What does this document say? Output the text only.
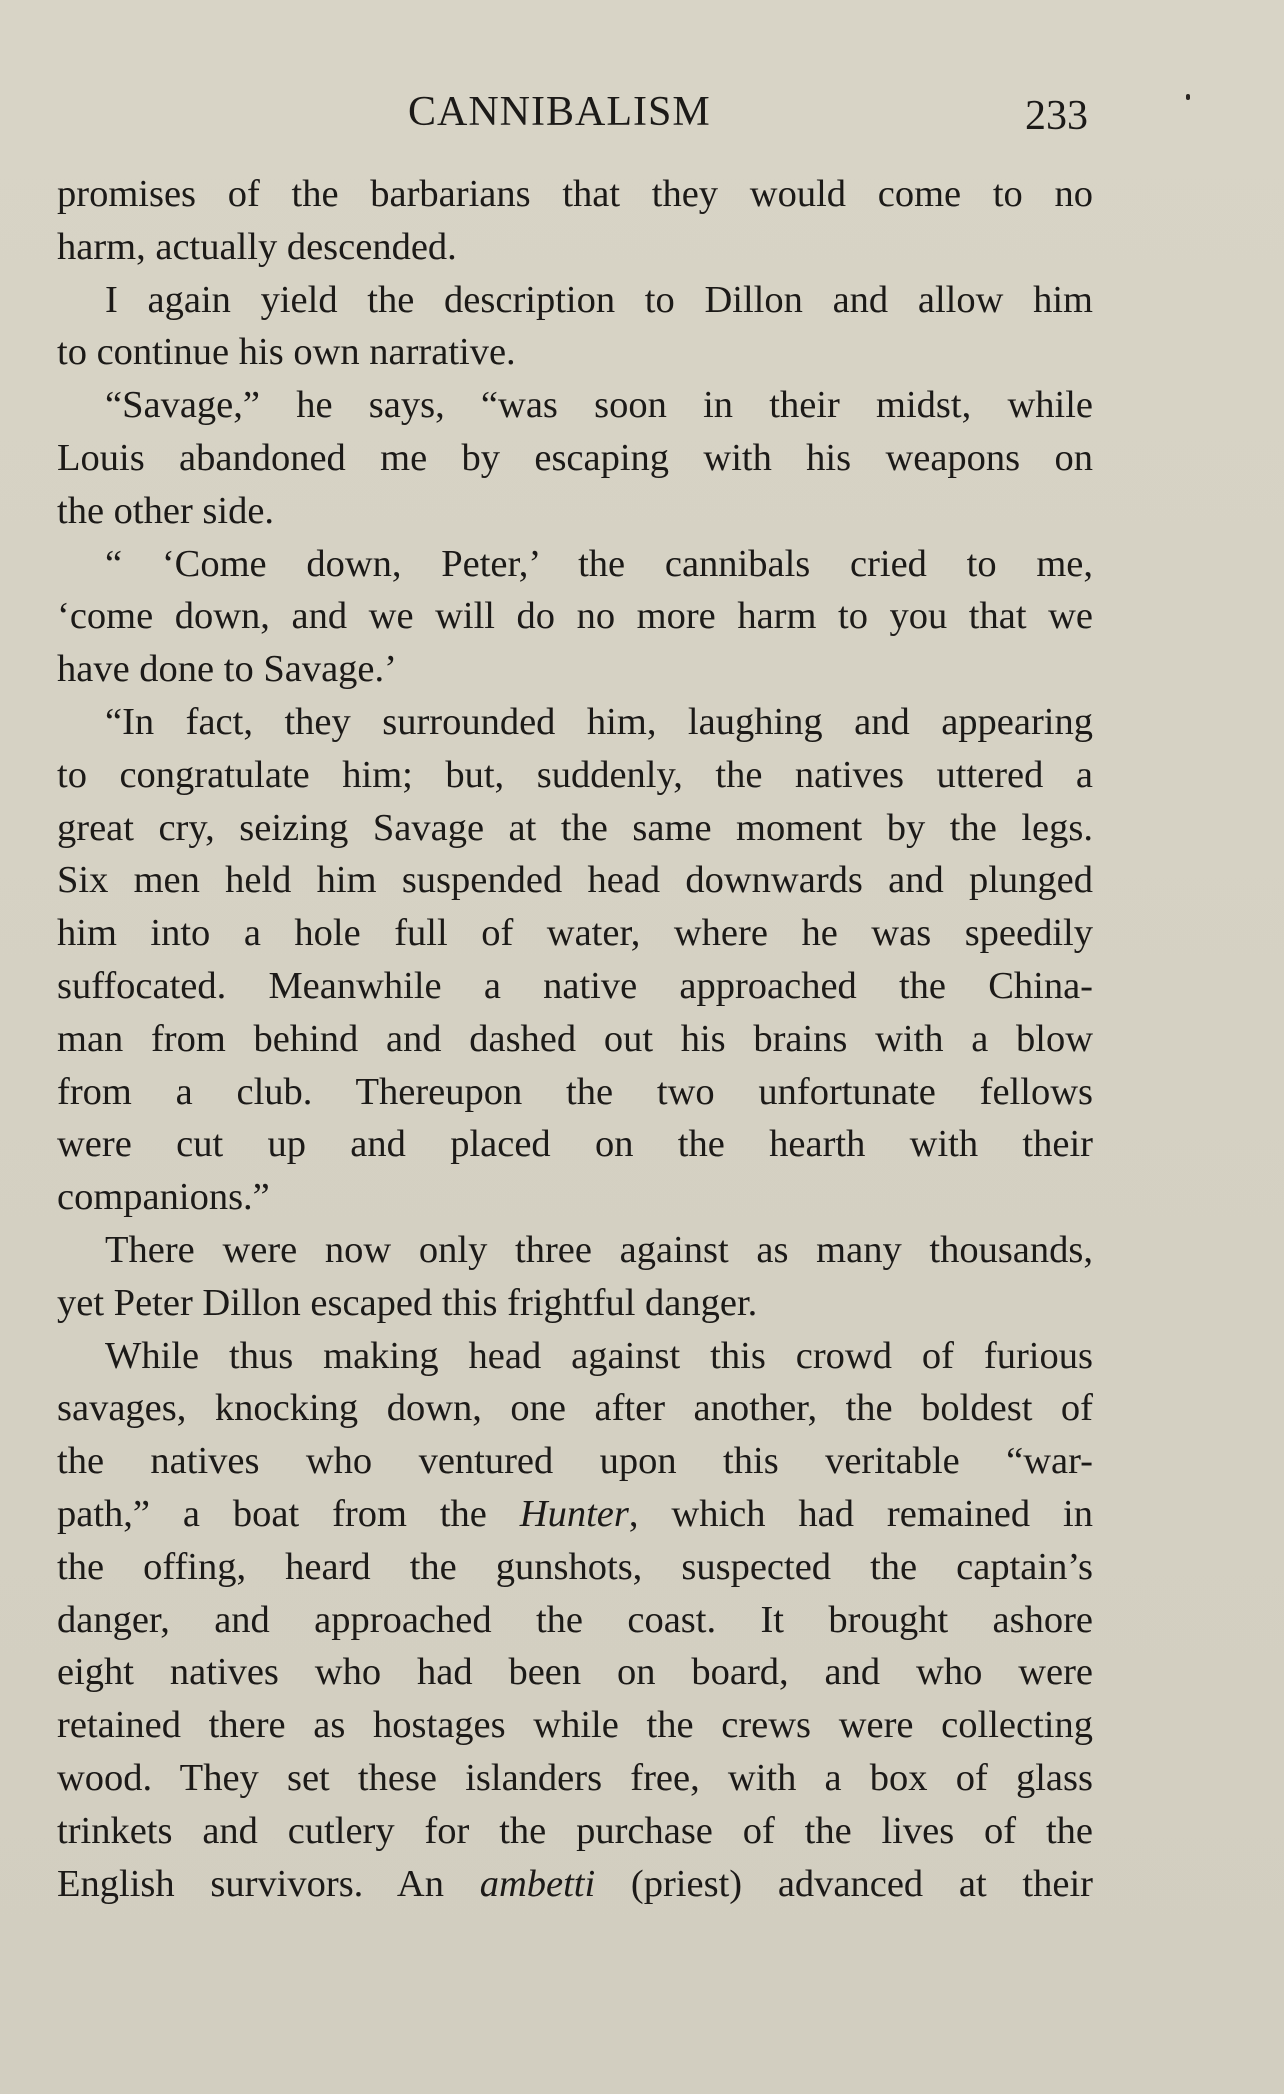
CANNIBALISM	233
promises of the barbarians that they would come to no
harm, actually descended.
I again yield the description to Dillon and allow him
to continue his own narrative.
“Savage,” he says, “was soon in their midst, while
Louis abandoned me by escaping with his weapons on
the other side.
“ ‘Come down, Peter,’ the cannibals cried to me,
‘come down, and we will do no more harm to you that we
have done to Savage.’
“In fact, they surrounded him, laughing and appearing
to congratulate him; but, suddenly, the natives uttered a
great cry, seizing Savage at the same moment by the legs.
Six men held him suspended head downwards and plunged
him into a hole full of water, where he was speedily
suffocated. Meanwhile a native approached the China-
man from behind and dashed out his brains with a blow
from a club. Thereupon the two unfortunate fellows
were cut up and placed on the hearth with their
companions.”
There were now only three against as many thousands,
yet Peter Dillon escaped this frightful danger.
While thus making head against this crowd of furious
savages, knocking down, one after another, the boldest of
the natives who ventured upon this veritable “war-
path,” a boat from the Hunter, which had remained in
the offing, heard the gunshots, suspected the captain’s
danger, and approached the coast. It brought ashore
eight natives who had been on board, and who were
retained there as hostages while the crews were collecting
wood. They set these islanders free, with a box of glass
trinkets and cutlery for the purchase of the lives of the
English survivors. An ambetti (priest) advanced at their
